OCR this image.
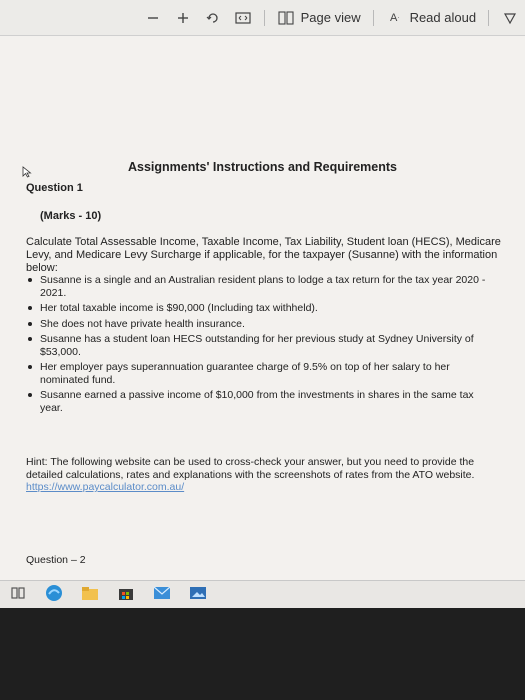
Page view	A ᐧ Read aloud
Assignments' Instructions and Requirements
Question 1
(Marks - 10)
Calculate Total Assessable Income, Taxable Income, Tax Liability, Student loan (HECS), Medicare Levy, and Medicare Levy Surcharge if applicable, for the taxpayer (Susanne) with the information below:
Susanne is a single and an Australian resident plans to lodge a tax return for the tax year 2020 - 2021.
Her total taxable income is $90,000 (Including tax withheld).
She does not have private health insurance.
Susanne has a student loan HECS outstanding for her previous study at Sydney University of $53,000.
Her employer pays superannuation guarantee charge of 9.5% on top of her salary to her nominated fund.
Susanne earned a passive income of $10,000 from the investments in shares in the same tax year.
Hint: The following website can be used to cross-check your answer, but you need to provide the detailed calculations, rates and explanations with the screenshots of rates from the ATO website.
https://www.paycalculator.com.au/
Question – 2
